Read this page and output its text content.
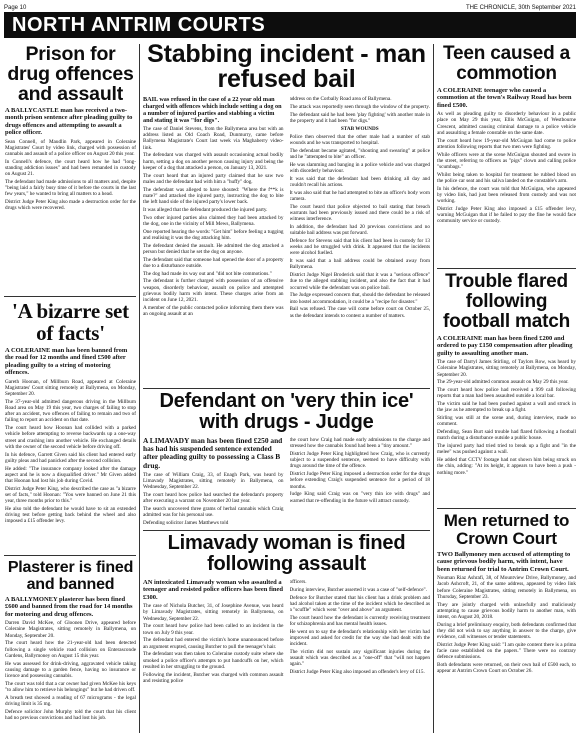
Page 10	THE CHRONICLE, 30th September 2021
NORTH ANTRIM COURTS
Prison for drug offences and assault

A BALLYCASTLE man has received a two-month prison sentence after pleading guilty to drugs offences and attempting to assault a police officer.

Sean Connell, of Maudlin Park, appeared in Coleraine Magistrates' Court by video link, charged with possession of cannabis and assault of a police officer on August 20 this year.

In Connell's defence, the court heard how he had "long-standing addiction issues" and had been remanded in custody on August 21.

The defendant had made admissions to all matters and, despite "being laid a fairly busy time of it before the courts in the last few years," he wanted to bring all matters to a head.

District Judge Peter King also made a destruction order for the drugs which were recovered.

'A bizarre set of facts'

A COLERAINE man has been banned from the road for 12 months and fined £500 after pleading guilty to a string of motoring offences.

Gareth Hoonan, of Millburn Road, appeared at Coleraine Magistrates' Court sitting remotely at Ballymena, on Monday, September 20.

The 37-year-old admitted dangerous driving in the Millburn Road area on May 19 this year, two charges of failing to stop after an accident, two offences of failing to remain and two of failing to report an accident on that date.

The court heard how Hoonan had collided with a parked vehicle before attempting to reverse backwards up a one-way street and crashing into another vehicle. He exchanged details with the owner of the second vehicle before driving off.

In his defence, Garrett Given said his client had entered early guilty pleas and had panicked after the second collision.

He added: "The insurance company looked after the damage aspect and he is now a disqualified driver." Mr Given added that Hoonan had lost his job during Covid.

District Judge Peter King, who described the case as "a bizarre set of facts," told Hoonan: "You were banned on June 21 this year, three months prior to this."

He also told the defendant he would have to sit an extended driving test before getting back behind the wheel and also imposed a £15 offender levy.

Plasterer is fined and banned

A BALLYMONEY plasterer has been fined £600 and banned from the road for 14 months for motoring and drug offences.

Darren David McKee, of Gloonen Drive, appeared before Coleraine Magistrates, sitting remotely in Ballymena, on Monday, September 20.

The court heard how the 21-year-old had been detected following a single vehicle road collision on Enterasconde Gardens, Ballymoney on August 15 this year.

He was assessed for drink-driving, aggravated vehicle taking causing damage to a garden fence, having no insurance or licence and possessing cannabis.

The court was told that a car owner had given McKee his keys "to allow him to retrieve his belongings" but he had driven off.

A breath test showed a reading of 67 micrograms - the legal driving limit is 35 mg.

Defence solicitor John Murphy told the court that his client had no previous convictions and had lost his job.

Stabbing incident - man refused bail

BAIL was refused in the case of a 22 year old man charged with offences which include setting a dog on a number of injured parties and stabbing a victim and stating it was "for digs".

The case of Daniel Stevens, from the Ballymena area but with an address listed as Old Coach Road, Dunmurry, came before Ballymena Magistrate's Court last week via Maghaberry video-link.

The defendant was charged with assault occasioning actual bodily harm, setting a dog on another person causing injury and being the keeper of a dog that attacked a person, on January 13, 2021.

The court heard that an injured party claimed that he saw two males and the defendant had with him a "huffy" dog.

The defendant was alleged to have shouted: "Where the f**k is mate?" and attacked the injured party, instructing the dog to bite the left hand side of the injured party's lower back.

It was alleged that the defendant produced the injured party.

Two other injured parties also claimed they had been attacked by the dog, one in the vicinity of Mill Mews, Ballymena.

One reported hearing the words: "Get him" before feeling a tugging and realising it was the dog attacking him.

The defendant denied the assault. He admitted the dog attacked a person but denied that he set the dog on anyone.

The defendant said that someone had opened the door of a property due to a disturbance outside.

The dog had made its way out and "did not bite commotions."

The defendant is further charged with possession of an offensive weapon, disorderly behaviour, assault on police and attempted grievous bodily harm with intent. These charges arise from an incident on June 12, 2021.

A member of the public contacted police informing them there was an ongoing assault at an

address on the Corbally Road area of Ballymena.

The attack was reportedly seen through the window of the property.

The defendant said he had been 'play fighting' with another male in the property and it had been "for digs."

STAB WOUNDS

Police then observed that the other male had a number of stab wounds and he was transported to hospital.

The defendant became agitated, "shouting and swearing" at police and he "attempted to bite" an officer.

He was slamming and banging in a police vehicle and was charged with disorderly behaviour.

It was said that the defendant had been drinking all day and couldn't recall his actions.

It was also said that he had attempted to bite an officer's body worn camera.

The court heard that police objected to bail stating that breach warrants had been previously issued and there could be a risk of witness interference.

In addition, the defendant had 20 previous convictions and no suitable bail address was put forward.

Defence for Stevens said that his client had been in custody for 13 weeks and he struggled with drink. It appeared that the incidents were alcohol fuelled.

It was said that a bail address could be obtained away from Ballymena.

District Judge Nigel Broderick said that it was a "serious offence" due to the alleged stabbing incident, and also the fact that it had occurred while the defendant was on police bail.

The Judge expressed concern that, should the defendant be released into hostel accommodation, it could be a "recipe for disaster."

Bail was refused. The case will come before court on October 25, as the defendant intends to contest a number of matters.

Defendant on 'very thin ice' with drugs - Judge

A LIMAVADY man has been fined £250 and has had his suspended sentence extended after pleading guilty to possessing a Class B drug.

The case of William Craig, 33, of Enagh Park, was heard by Limavady Magistrates, sitting remotely in Ballymena, on Wednesday, September 22.

The court heard how police had searched the defendant's property after executing a warrant on November 20 last year.

The search uncovered three grams of herbal cannabis which Craig admitted was for his personal use.

Defending solicitor James Matthews told

the court how Craig had made early admissions to the charge and stressed how the cannabis found had been a "tiny amount."

District Judge Peter King highlighted how Craig, who is currently subject to a suspended sentence, seemed to have difficulty with drugs around the time of the offence.

District Judge Peter King imposed a destruction order for the drugs before extending Craig's suspended sentence for a period of 18 months.

Judge King said Craig was on "very thin ice with drugs" and warned that re-offending in the future will attract custody.

Limavady woman is fined following assault

AN intoxicated Limavady woman who assaulted a teenager and resisted police officers has been fined £300.

The case of Nichola Butcher, 31, of Josephine Avenue, was heard by Limavady Magistrates, sitting remotely in Ballymena, on Wednesday, September 22.

The court heard how police had been called to an incident in the town on July 9 this year.

The defendant had entered the victim's home unannounced before an argument erupted, causing Butcher to pull the teenager's hair.

The defendant was then taken to Coleraine custody suite where she smoked a police officer's attempts to put handcuffs on her, which resulted in her struggling to the ground.

Following the incident, Butcher was charged with common assault and resisting police

officers.

During interview, Butcher asserted it was a case of "self-defence".

Defence for Butcher stated that his client has a drink problem and had alcohol taken at the time of the incident which he described as a "scuffle" which went "over and above" an argument.

The court heard how the defendant is currently receiving treatment for schizophrenia and has mental health issues.

He went on to say the defendant's relationship with her victim had improved and asked for credit for the way she had dealt with the incident.

The victim did not sustain any significant injuries during the assault which was described as a "one-off" that "will not happen again."

District Judge Peter King also imposed an offender's levy of £15.

Teen caused a commotion

A COLERAINE teenager who caused a commotion at the town's Railway Road has been fined £500.

As well as pleading guilty to disorderly behaviour in a public place on May 29 this year, Ellis McGuigan, of Westbourne Crescent, admitted causing criminal damage to a police vehicle and assaulting a female constable on the same date.

The court heard how 19-year-old McGuigan had come to police attention following reports that two men were fighting.

While officers were at the scene McGuigan shouted and swore in the street, referring to officers as "pigs" clown and calling police "scumbags."

Whilst being taken to hospital for treatment he rubbed blood on the police car seat and his saliva landed on the constable's arm.

In his defence, the court was told that McGuigan, who appeared by video link, had just been released from custody and was not working.

District Judge Peter King also imposed a £15 offender levy, warning McGuigan that if he failed to pay the fine he would face community service or custody.

Trouble flared following football match

A COLERAINE man has been fined £200 and ordered to pay £150 compensation after pleading guilty to assaulting another man.

The case of Darryl James Stirling, of Taylors Row, was heard by Coleraine Magistrates, sitting remotely at Ballymena, on Monday, September 20.

The 29-year-old admitted common assault on May 29 this year.

The court heard how police had received a 999 call following reports that a man had been assaulted outside a local bar.

The victim said he had been pushed against a wall and struck in the jaw as he attempted to break up a fight.

Stirling was still at the scene and, during interview, made no comment.

Defending, Sean Burt said trouble had flared following a football match during a disturbance outside a public house.

The injured party had tried tried to break up a fight and "in the melee" was pushed against a wall.

He added that CCTV footage had not shown him being struck on the chin, adding: "At its height, it appears to have been a push - nothing more."

Men returned to Crown Court

TWO Ballymoney men accused of attempting to cause grievous bodily harm, with intent, have been returned for trial to Antrim Crown Court.

Nouman Riaz Ashrafi, 38, of Mountview Drive, Ballymoney, and Jacob Ashcroft, 21, of the same address, appeared by video link before Coleraine Magistrates, sitting remotely in Ballymena, on Thursday, September 23.

They are jointly charged with unlawfully and maliciously attempting to cause grievous bodily harm to another man, with intent, on August 20, 2018.

During a brief preliminary enquiry, both defendants confirmed that they did not wish to say anything in answer to the charge, give evidence, call witnesses or tender statements.

District Judge Peter King said: "I am quite content there is a prima facie case established on the papers." There were no contrary defence submissions.

Both defendants were returned, on their own bail of £500 each, to appear at Antrim Crown Court on October 26.
